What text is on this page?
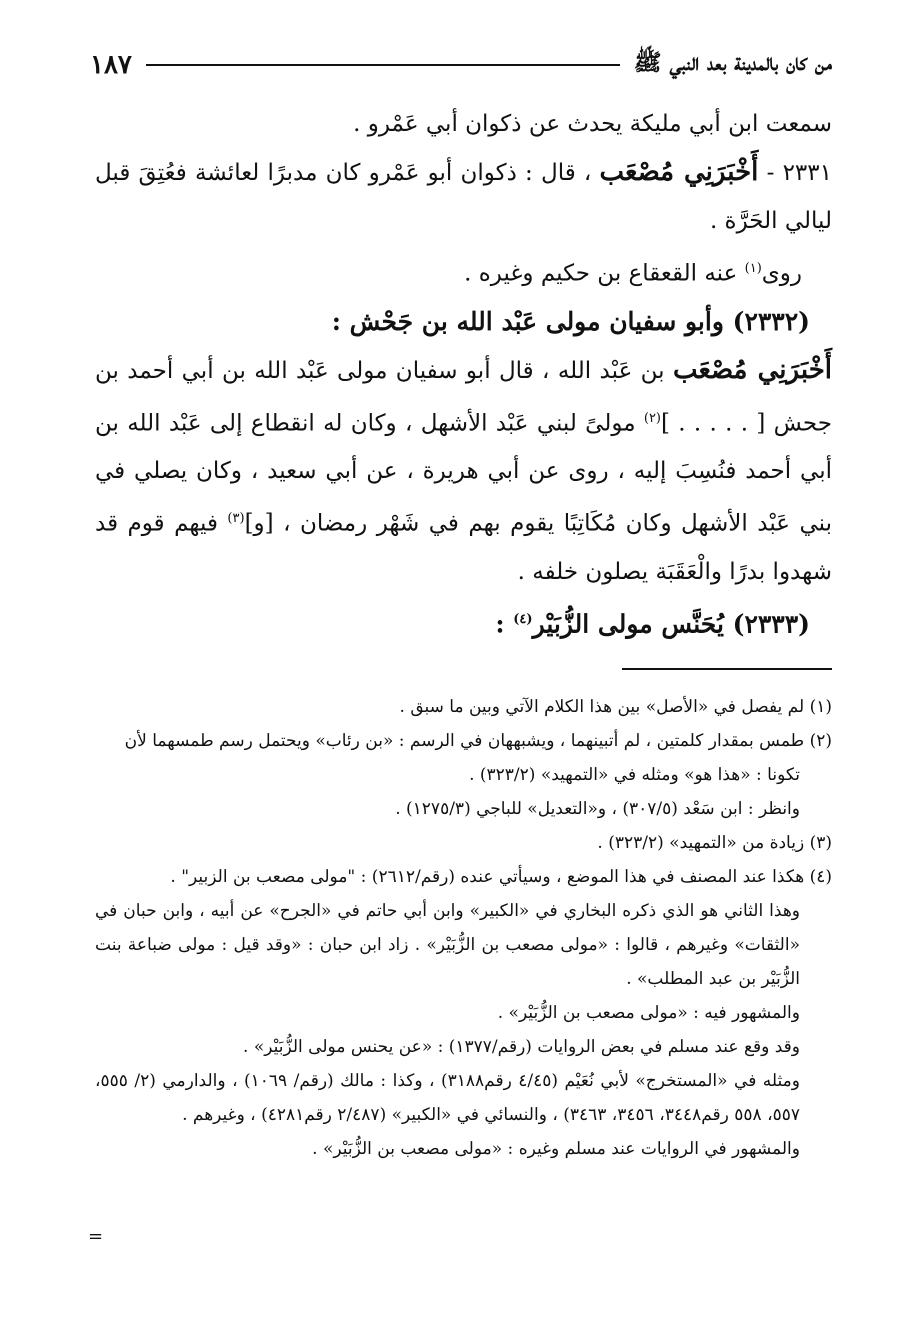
١٨٧	من كان بالمدينة بعد النبي ﷺ

سمعت ابن أبي مليكة يحدث عن ذكوان أبي عَمْرو .

٢٣٣١ - أَخْبَرَنِي مُصْعَب ، قال : ذكوان أبو عَمْرو كان مدبرًا لعائشة فعُتِقَ قبل ليالي الحَرَّة .

روى$^{(١)}$ عنه القعقاع بن حكيم وغيره .

(٢٣٣٢) وأبو سفيان مولى عَبْد الله بن جَحْش :

أَخْبَرَنِي مُصْعَب بن عَبْد الله ، قال أبو سفيان مولى عَبْد الله بن أبي أحمد بن جحش [ . . . . . ]$^{(٢)}$ مولىً لبني عَبْد الأشهل ، وكان له انقطاع إلى عَبْد الله بن أبي أحمد فنُسِبَ إليه ، روى عن أبي هريرة ، عن أبي سعيد ، وكان يصلي في بني عَبْد الأشهل وكان مُكَاتِبًا يقوم بهم في شَهْر رمضان ، [و]$^{(٣)}$ فيهم قوم قد شهدوا بدرًا والْعَقَبَة يصلون خلفه .

(٢٣٣٣) يُحَنَّس مولى الزُّبَيْر$^{(٤)}$ :

(١) لم يفصل في «الأصل» بين هذا الكلام الآتي وبين ما سبق .

(٢) طمس بمقدار كلمتين ، لم أتبينهما ، ويشبههان في الرسم : «بن رئاب» ويحتمل رسم طمسهما لأن

تكونا : «هذا هو» ومثله في «التمهيد» (٣٢٣/٢) .

وانظر : ابن سَعْد (٣٠٧/٥) ، و«التعديل» للباجي (١٢٧٥/٣) .

(٣) زيادة من «التمهيد» (٣٢٣/٢) .

(٤) هكذا عند المصنف في هذا الموضع ، وسيأتي عنده (رقم/٢٦١٢) : "مولى مصعب بن الزبير" .

وهذا الثاني هو الذي ذكره البخاري في «الكبير» وابن أبي حاتم في «الجرح» عن أبيه ، وابن حبان في «الثقات» وغيرهم ، قالوا : «مولى مصعب بن الزُّبَيْر» . زاد ابن حبان : «وقد قيل : مولى ضباعة بنت الزُّبَيْر بن عبد المطلب» .

والمشهور فيه : «مولى مصعب بن الزُّبَيْر» .

وقد وقع عند مسلم في بعض الروايات (رقم/١٣٧٧) : «عن يحنس مولى الزُّبَيْر» .

ومثله في «المستخرج» لأبي نُعَيْم (٤/٤٥ رقم٣١٨٨) ، وكذا : مالك (رقم/ ١٠٦٩) ، والدارمي (٢/ ٥٥٥، ٥٥٧، ٥٥٨ رقم٣٤٤٨، ٣٤٥٦، ٣٤٦٣) ، والنسائي في «الكبير» (٢/٤٨٧ رقم٤٢٨١) ، وغيرهم .

والمشهور في الروايات عند مسلم وغيره : «مولى مصعب بن الزُّبَيْر» .

=
